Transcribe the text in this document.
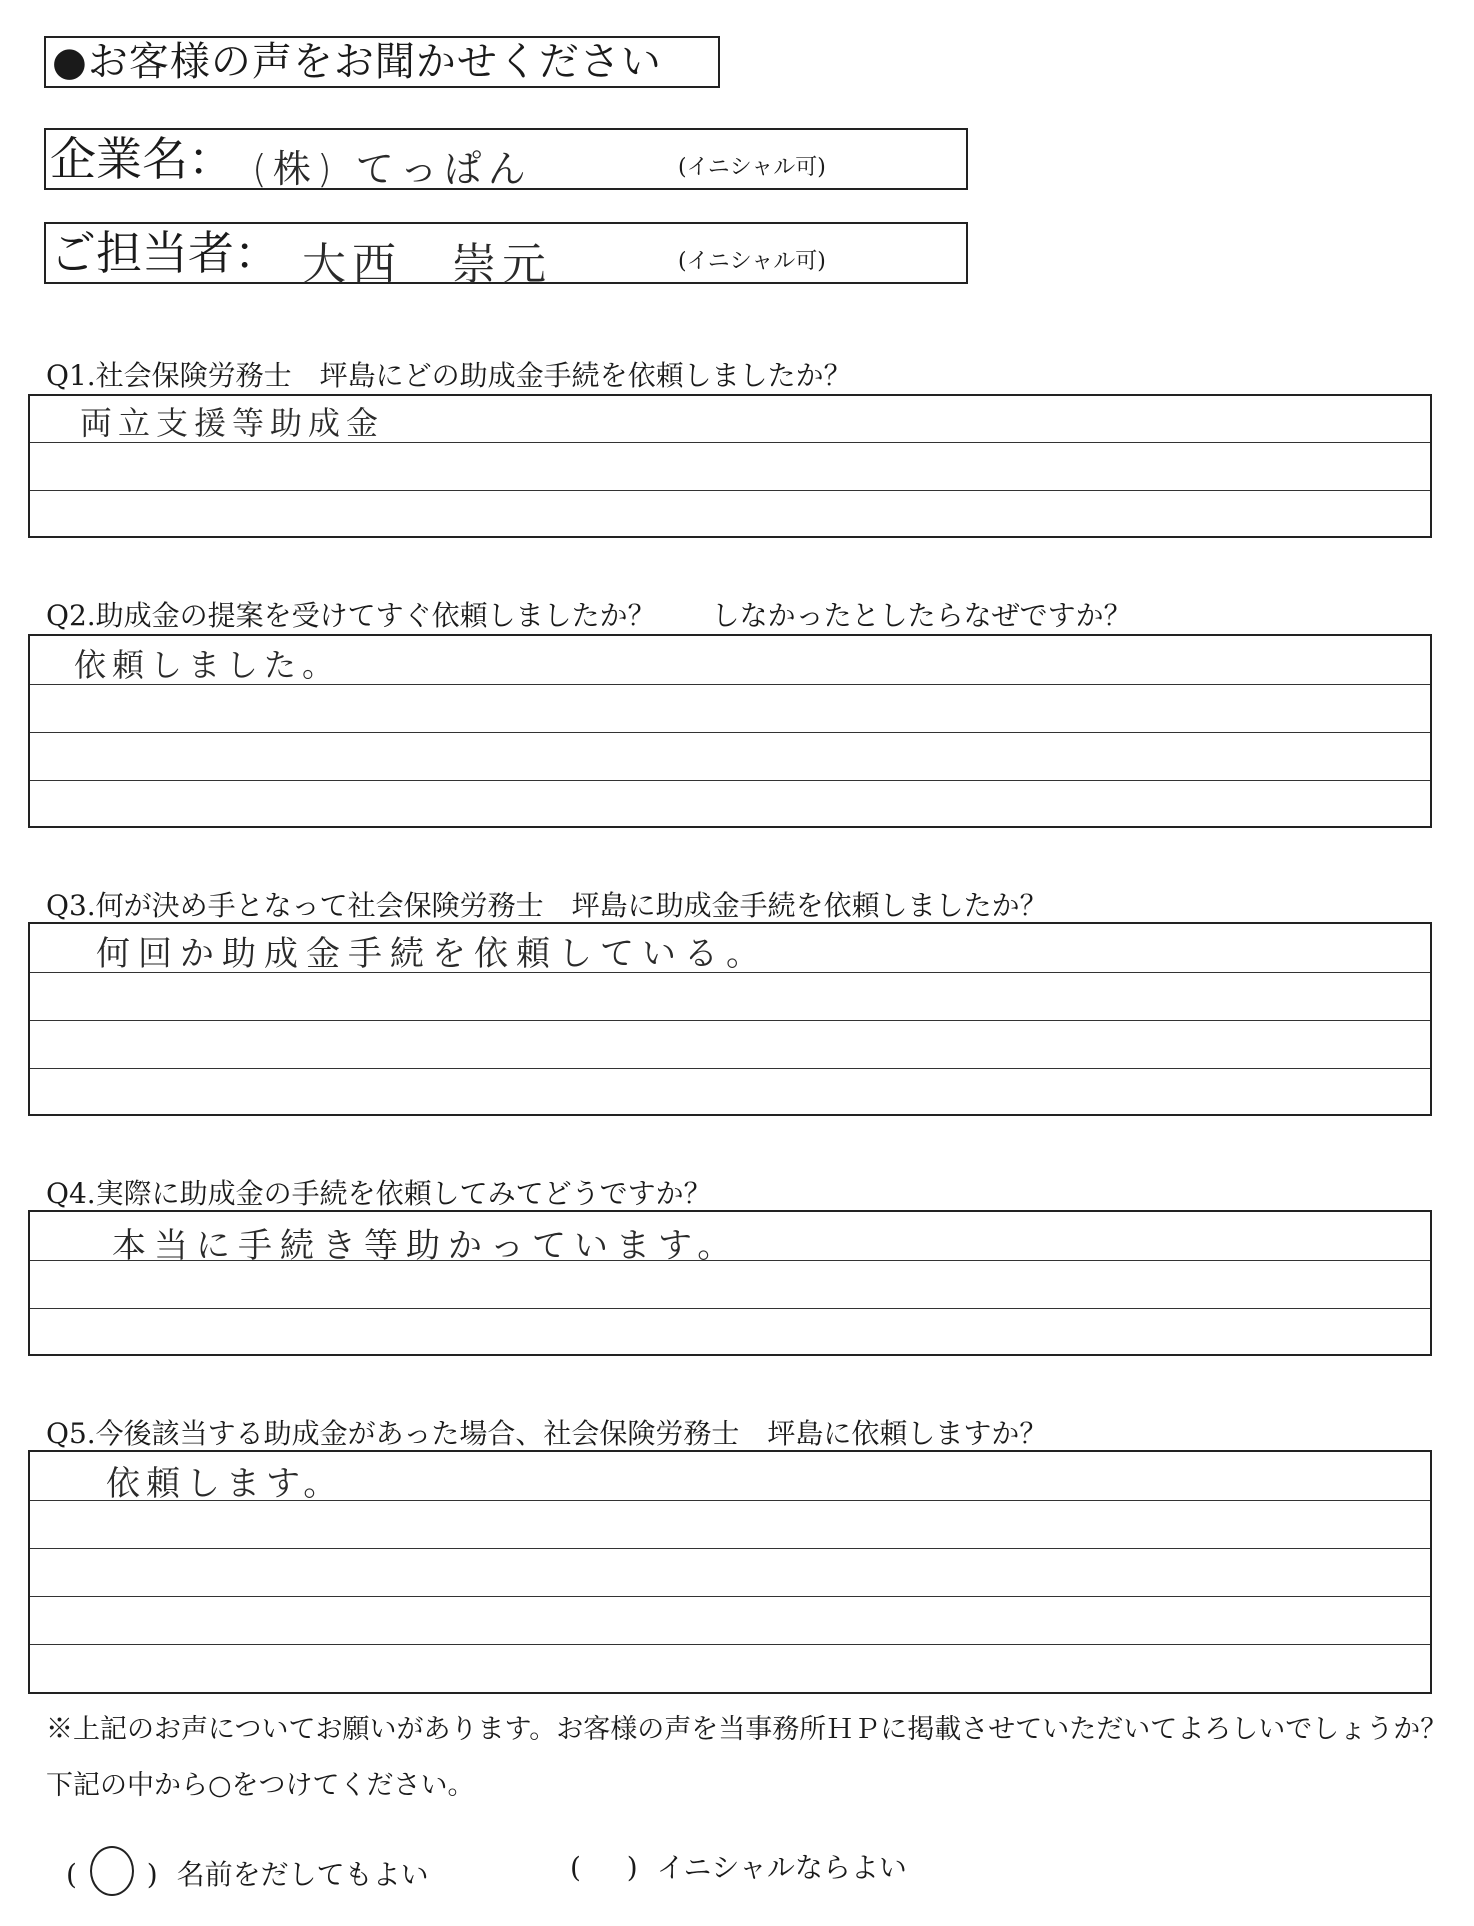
●お客様の声をお聞かせください
企業名： (株) てっぱん	(イニシャル可)
ご担当者： 大西　崇元	(イニシャル可)
Q1.社会保険労務士　坪島にどの助成金手続を依頼しましたか？
両立支援等助成金
Q2.助成金の提案を受けてすぐ依頼しましたか？　　しなかったとしたらなぜですか？
依頼しました。
Q3.何が決め手となって社会保険労務士　坪島に助成金手続を依頼しましたか？
何回か助成金手続を依頼している。
Q4.実際に助成金の手続を依頼してみてどうですか？
本当に手続き等助かっています。
Q5.今後該当する助成金があった場合、社会保険労務士　坪島に依頼しますか？
依頼します。
※上記のお声についてお願いがあります。お客様の声を当事務所ＨＰに掲載させていただいてよろしいでしょうか？　下記の中から○をつけてください。
( ) 名前をだしてもよい	( ) イニシャルならよい
